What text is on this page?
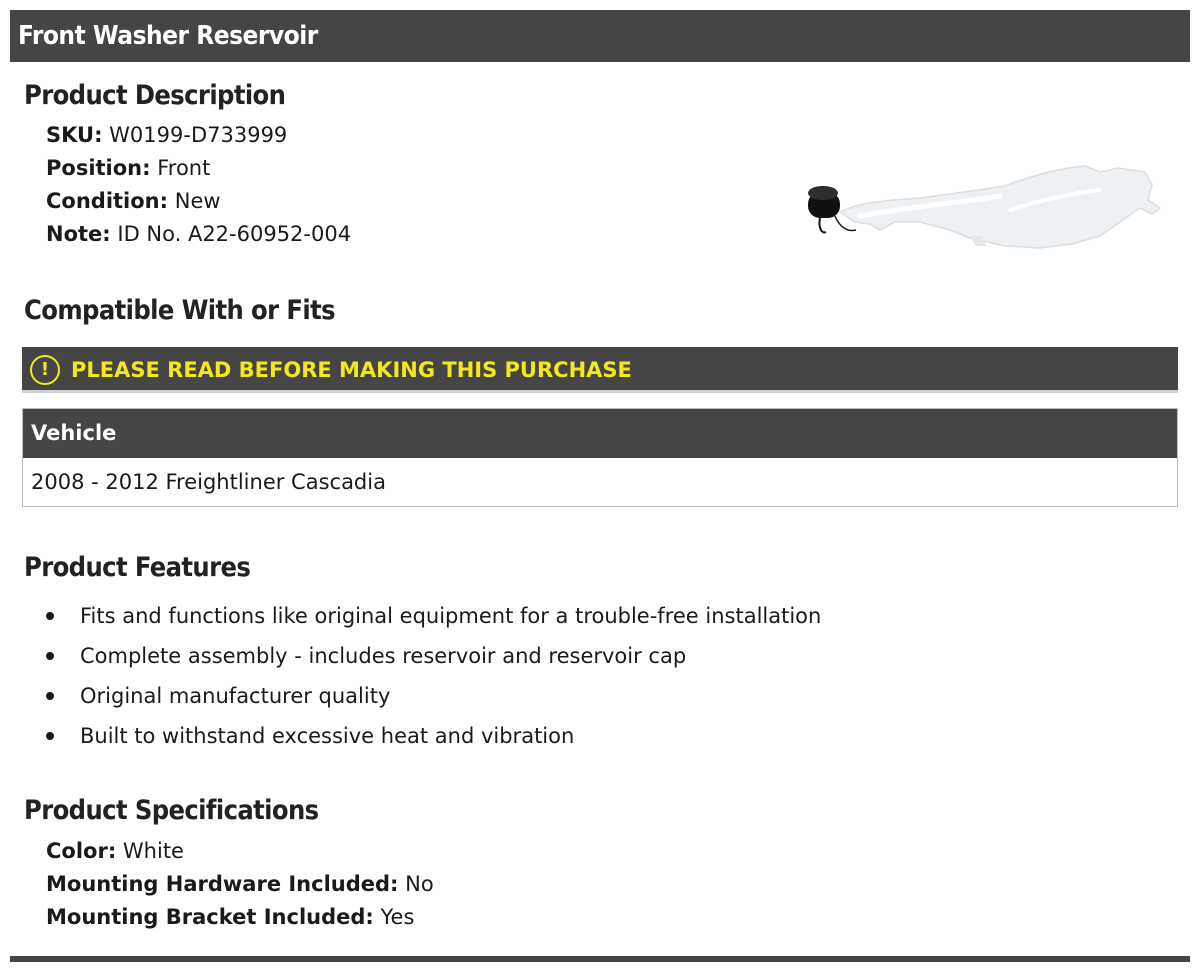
Front Washer Reservoir
Product Description
SKU: W0199-D733999
Position: Front
Condition: New
Note: ID No. A22-60952-004
Compatible With or Fits
!	PLEASE READ BEFORE MAKING THIS PURCHASE
Vehicle
2008 - 2012 Freightliner Cascadia
Product Features
Fits and functions like original equipment for a trouble-free installation
Complete assembly - includes reservoir and reservoir cap
Original manufacturer quality
Built to withstand excessive heat and vibration
Product Specifications
Color: White
Mounting Hardware Included: No
Mounting Bracket Included: Yes
